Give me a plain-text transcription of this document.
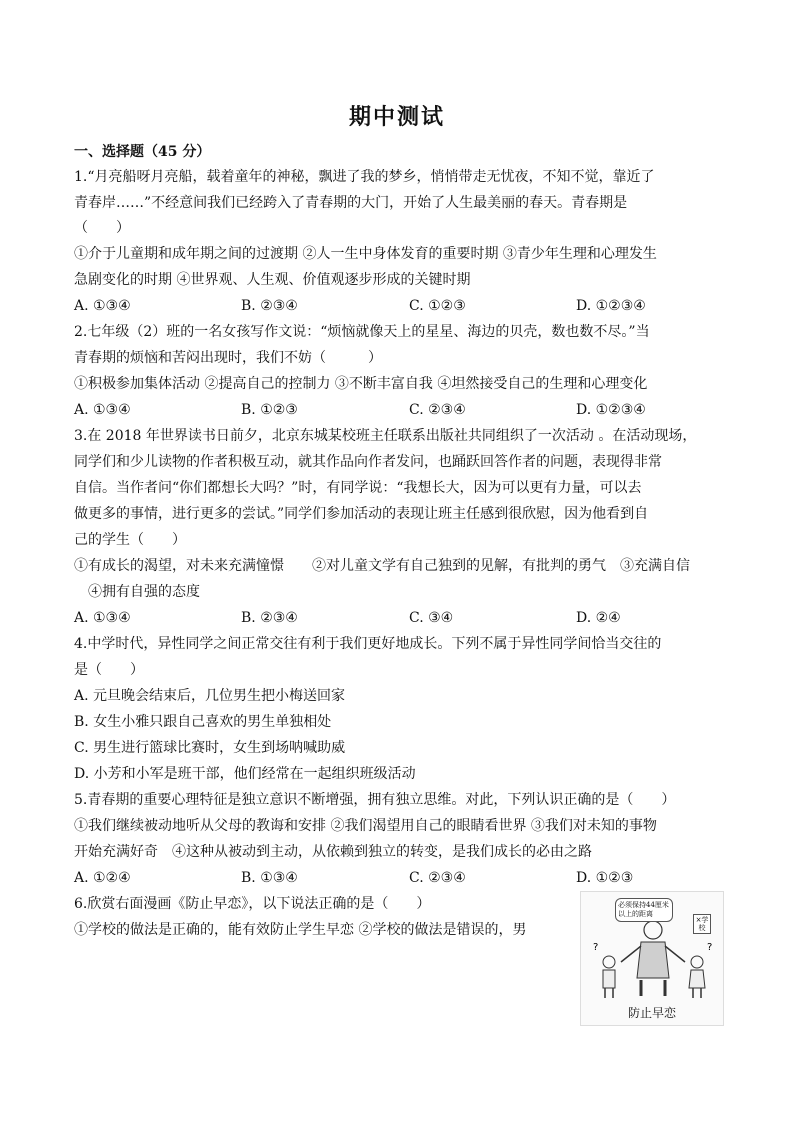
期中测试
一、选择题（45 分）
1.“月亮船呀月亮船，载着童年的神秘，飘进了我的梦乡，悄悄带走无忧夜，不知不觉，靠近了
青春岸……”不经意间我们已经跨入了青春期的大门，开始了人生最美丽的春天。青春期是
（　　）
①介于儿童期和成年期之间的过渡期 ②人一生中身体发育的重要时期 ③青少年生理和心理发生
急剧变化的时期 ④世界观、人生观、价值观逐步形成的关键时期
A. ①③④	B. ②③④	C. ①②③	D. ①②③④
2.七年级（2）班的一名女孩写作文说：“烦恼就像天上的星星、海边的贝壳，数也数不尽。”当
青春期的烦恼和苦闷出现时，我们不妨（　　　）
①积极参加集体活动 ②提高自己的控制力 ③不断丰富自我 ④坦然接受自己的生理和心理变化
A. ①③④	B. ①②③	C. ②③④	D. ①②③④
3.在 2018 年世界读书日前夕，北京东城某校班主任联系出版社共同组织了一次活动 。在活动现场，
同学们和少儿读物的作者积极互动，就其作品向作者发问，也踊跃回答作者的问题，表现得非常
自信。当作者问“你们都想长大吗？”时，有同学说：“我想长大，因为可以更有力量，可以去
做更多的事情，进行更多的尝试。”同学们参加活动的表现让班主任感到很欣慰，因为他看到自
己的学生（　　）
①有成长的渴望，对未来充满憧憬　　②对儿童文学有自己独到的见解，有批判的勇气　③充满自信
　④拥有自强的态度
A. ①③④	B. ②③④	C. ③④	D. ②④
4.中学时代，异性同学之间正常交往有利于我们更好地成长。下列不属于异性同学间恰当交往的
是（　　）
A. 元旦晚会结束后，几位男生把小梅送回家
B. 女生小雅只跟自己喜欢的男生单独相处
C. 男生进行篮球比赛时，女生到场呐喊助威
D. 小芳和小军是班干部，他们经常在一起组织班级活动
5.青春期的重要心理特征是独立意识不断增强，拥有独立思维。对此，下列认识正确的是（　　）
①我们继续被动地听从父母的教诲和安排 ②我们渴望用自己的眼睛看世界 ③我们对未知的事物
开始充满好奇　④这种从被动到主动，从依赖到独立的转变，是我们成长的必由之路
A. ①②④	B. ①③④	C. ②③④	D. ①②③
6.欣赏右面漫画《防止早恋》，以下说法正确的是（　　）
①学校的做法是正确的，能有效防止学生早恋 ②学校的做法是错误的，男
?	?
必须保持44厘米以上的距离
×学校
防止早恋
